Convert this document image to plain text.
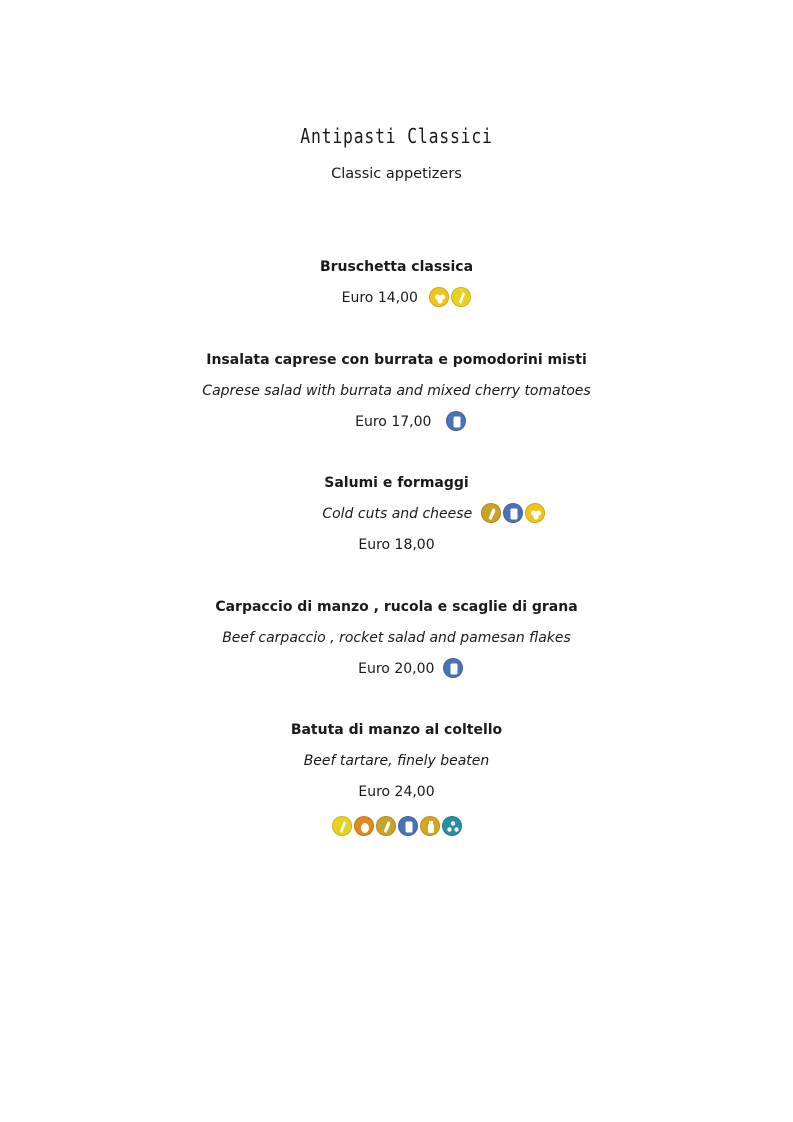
Antipasti Classici
Classic appetizers
Bruschetta classica
Euro 14,00
Insalata caprese con burrata e pomodorini misti
Caprese salad with burrata and mixed cherry tomatoes
Euro 17,00
Salumi e formaggi
Cold cuts and cheese
Euro 18,00
Carpaccio di manzo , rucola e scaglie di grana
Beef carpaccio , rocket salad and pamesan flakes
Euro 20,00
Batuta di manzo al coltello
Beef tartare, finely beaten
Euro 24,00
